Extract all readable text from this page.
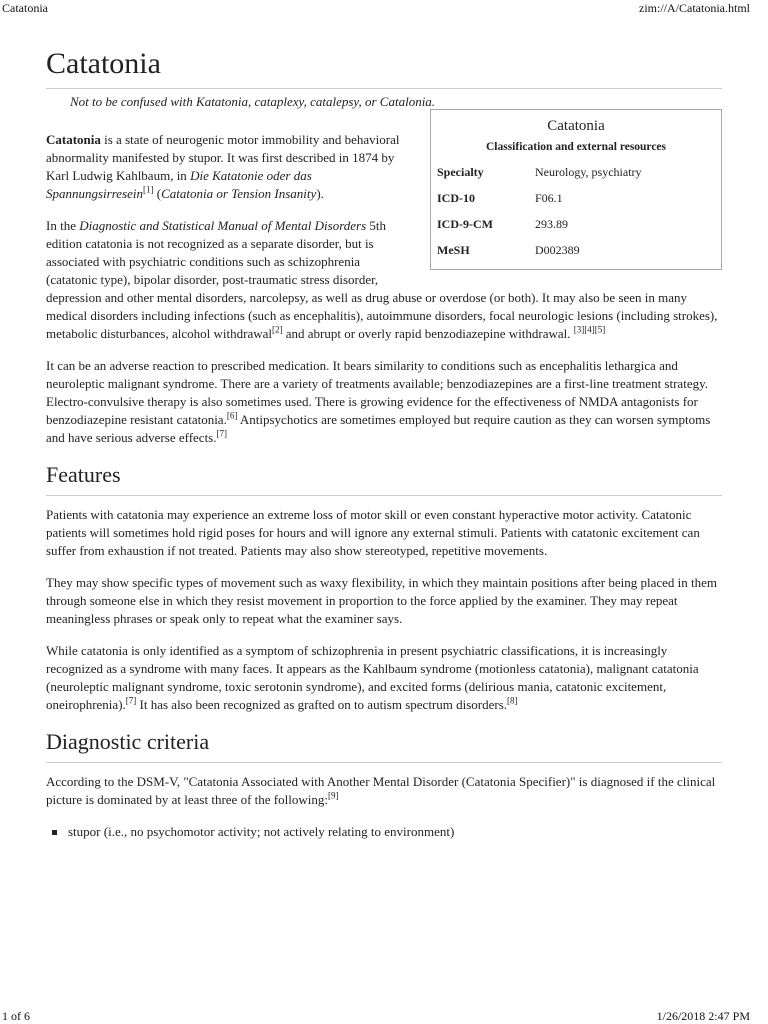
Catatonia	zim://A/Catatonia.html
Catatonia
Not to be confused with Katatonia, cataplexy, catalepsy, or Catalonia.
Catatonia
Classification and external resources
Specialty	Neurology, psychiatry
ICD-10	F06.1
ICD-9-CM	293.89
MeSH	D002389

Catatonia is a state of neurogenic motor immobility and behavioral abnormality manifested by stupor. It was first described in 1874 by Karl Ludwig Kahlbaum, in Die Katatonie oder das Spannungsirresein[1] (Catatonia or Tension Insanity).

In the Diagnostic and Statistical Manual of Mental Disorders 5th edition catatonia is not recognized as a separate disorder, but is associated with psychiatric conditions such as schizophrenia (catatonic type), bipolar disorder, post-traumatic stress disorder, depression and other mental disorders, narcolepsy, as well as drug abuse or overdose (or both). It may also be seen in many medical disorders including infections (such as encephalitis), autoimmune disorders, focal neurologic lesions (including strokes), metabolic disturbances, alcohol withdrawal[2] and abrupt or overly rapid benzodiazepine withdrawal. [3][4][5]

It can be an adverse reaction to prescribed medication. It bears similarity to conditions such as encephalitis lethargica and neuroleptic malignant syndrome. There are a variety of treatments available; benzodiazepines are a first-line treatment strategy. Electro-convulsive therapy is also sometimes used. There is growing evidence for the effectiveness of NMDA antagonists for benzodiazepine resistant catatonia.[6] Antipsychotics are sometimes employed but require caution as they can worsen symptoms and have serious adverse effects.[7]

Features

Patients with catatonia may experience an extreme loss of motor skill or even constant hyperactive motor activity. Catatonic patients will sometimes hold rigid poses for hours and will ignore any external stimuli. Patients with catatonic excitement can suffer from exhaustion if not treated. Patients may also show stereotyped, repetitive movements.

They may show specific types of movement such as waxy flexibility, in which they maintain positions after being placed in them through someone else in which they resist movement in proportion to the force applied by the examiner. They may repeat meaningless phrases or speak only to repeat what the examiner says.

While catatonia is only identified as a symptom of schizophrenia in present psychiatric classifications, it is increasingly recognized as a syndrome with many faces. It appears as the Kahlbaum syndrome (motionless catatonia), malignant catatonia (neuroleptic malignant syndrome, toxic serotonin syndrome), and excited forms (delirious mania, catatonic excitement, oneirophrenia).[7] It has also been recognized as grafted on to autism spectrum disorders.[8]

Diagnostic criteria

According to the DSM-V, "Catatonia Associated with Another Mental Disorder (Catatonia Specifier)" is diagnosed if the clinical picture is dominated by at least three of the following:[9]

stupor (i.e., no psychomotor activity; not actively relating to environment)
1 of 6	1/26/2018 2:47 PM
